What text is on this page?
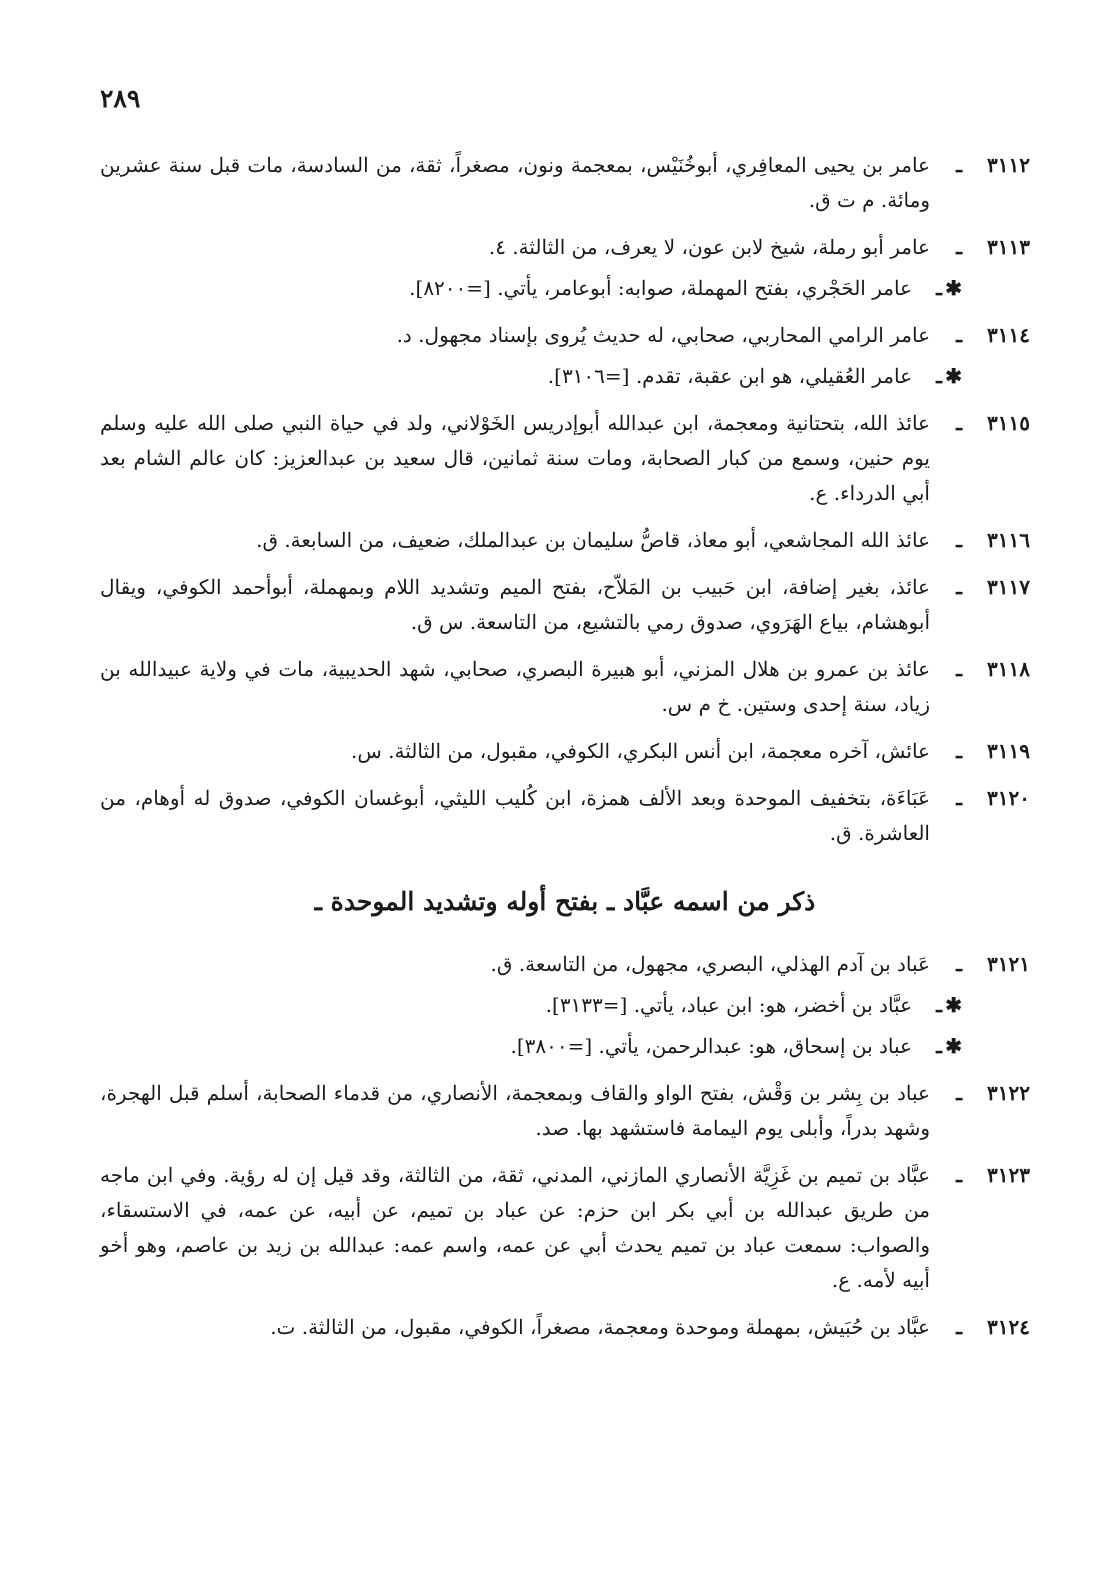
٢٨٩
٣١١٢
ـ
عامر بن يحيى المعافِري، أبوخُنَيْس، بمعجمة ونون، مصغراً، ثقة، من السادسة، مات قبل سنة عشرين ومائة. م ت ق.
٣١١٣
ـ
عامر أبو رملة، شيخ لابن عون، لا يعرف، من الثالثة. ٤.
✱
ـ
عامر الحَجْري، بفتح المهملة، صوابه: أبوعامر، يأتي. [=٨٢٠٠].
٣١١٤
ـ
عامر الرامي المحاربي، صحابي، له حديث يُروى بإسناد مجهول. د.
✱
ـ
عامر العُقيلي، هو ابن عقبة، تقدم. [=٣١٠٦].
٣١١٥
ـ
عائذ الله، بتحتانية ومعجمة، ابن عبدالله أبوإدريس الخَوْلاني، ولد في حياة النبي صلى الله عليه وسلم يوم حنين، وسمع من كبار الصحابة، ومات سنة ثمانين، قال سعيد بن عبدالعزيز: كان عالم الشام بعد أبي الدرداء. ع.
٣١١٦
ـ
عائذ الله المجاشعي، أبو معاذ، قاصُّ سليمان بن عبدالملك، ضعيف، من السابعة. ق.
٣١١٧
ـ
عائذ، بغير إضافة، ابن حَبيب بن المَلاّح، بفتح الميم وتشديد اللام وبمهملة، أبوأحمد الكوفي، ويقال أبوهشام، بياع الهَرَوي، صدوق رمي بالتشيع، من التاسعة. س ق.
٣١١٨
ـ
عائذ بن عمرو بن هلال المزني، أبو هبيرة البصري، صحابي، شهد الحديبية، مات في ولاية عبيدالله بن زياد، سنة إحدى وستين. خ م س.
٣١١٩
ـ
عائش، آخره معجمة، ابن أنس البكري، الكوفي، مقبول، من الثالثة. س.
٣١٢٠
ـ
عَبَاءَة، بتخفيف الموحدة وبعد الألف همزة، ابن كُليب الليثي، أبوغسان الكوفي، صدوق له أوهام، من العاشرة. ق.
ذكر من اسمه عبَّاد ـ بفتح أوله وتشديد الموحدة ـ
٣١٢١
ـ
عَباد بن آدم الهذلي، البصري، مجهول، من التاسعة. ق.
✱
ـ
عبَّاد بن أخضر، هو: ابن عباد، يأتي. [=٣١٣٣].
✱
ـ
عباد بن إسحاق، هو: عبدالرحمن، يأتي. [=٣٨٠٠].
٣١٢٢
ـ
عباد بن بِشر بن وَقْش، بفتح الواو والقاف وبمعجمة، الأنصاري، من قدماء الصحابة، أسلم قبل الهجرة، وشهد بدراً، وأبلى يوم اليمامة فاستشهد بها. صد.
٣١٢٣
ـ
عبَّاد بن تميم بن غَزِيَّة الأنصاري المازني، المدني، ثقة، من الثالثة، وقد قيل إن له رؤية. وفي ابن ماجه من طريق عبدالله بن أبي بكر ابن حزم: عن عباد بن تميم، عن أبيه، عن عمه، في الاستسقاء، والصواب: سمعت عباد بن تميم يحدث أبي عن عمه، واسم عمه: عبدالله بن زيد بن عاصم، وهو أخو أبيه لأمه. ع.
٣١٢٤
ـ
عبَّاد بن حُبَيش، بمهملة وموحدة ومعجمة، مصغراً، الكوفي، مقبول، من الثالثة. ت.
